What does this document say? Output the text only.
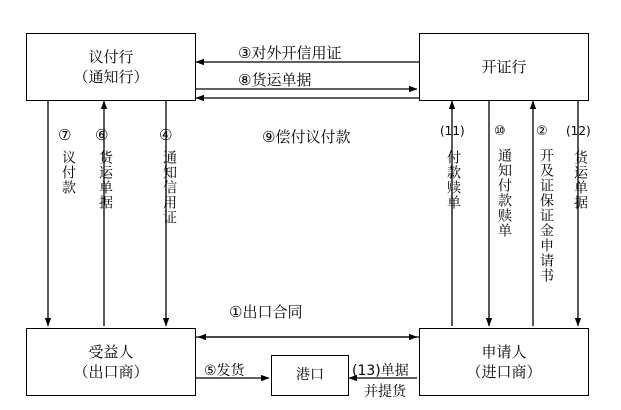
议付行
（通知行）
开证行
受益人
（出口商）
申请人
（进口商）
港口
③对外开信用证
⑧货运单据
⑨偿付议付款
①出口合同
⑤发货
⑦
议付款
⑥
货运单据
④
通知信用证
(11)
付款赎单
⑩
通知付款赎单
②
开及证保证金申请书
(12)
货运单据
(13)单据
并提货
